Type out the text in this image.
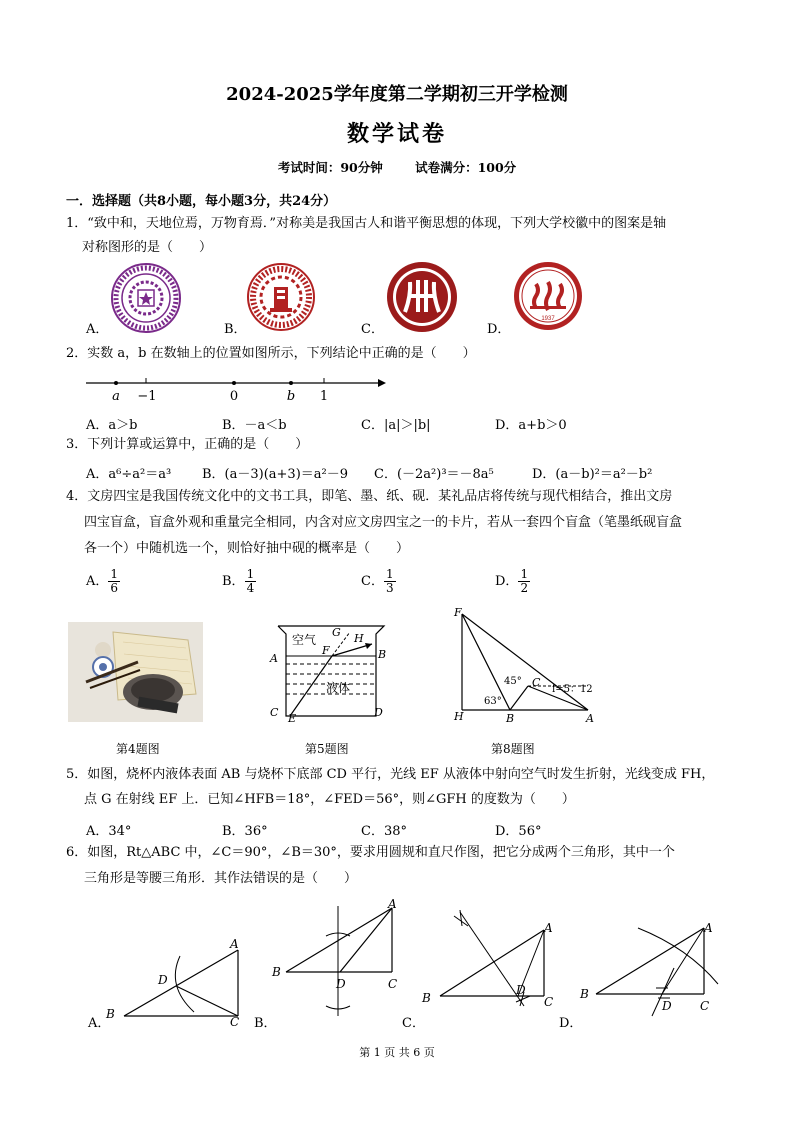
2024-2025学年度第二学期初三开学检测
数学试卷
考试时间：90分钟	试卷满分：100分
一．选择题（共8小题，每小题3分，共24分）
1．“致中和，天地位焉，万物育焉．”对称美是我国古人和谐平衡思想的体现，下列大学校徽中的图案是轴
对称图形的是（　　）
1937
A．	B．	C．	D．
2．实数 a，b 在数轴上的位置如图所示，下列结论中正确的是（　　）
a −1	0	b 1
A．a＞b	B．－a＜b	C．|a|＞|b|	D．a+b＞0
3．下列计算或运算中，正确的是（　　）
A．a⁶÷a²＝a³ B．(a－3)(a+3)＝a²－9 C．(－2a²)³＝－8a⁵	D．(a－b)²＝a²－b²
4．文房四宝是我国传统文化中的文书工具，即笔、墨、纸、砚．某礼品店将传统与现代相结合，推出文房
四宝盲盒，盲盒外观和重量完全相同，内含对应文房四宝之一的卡片，若从一套四个盲盒（笔墨纸砚盲盒
各一个）中随机选一个，则恰好抽中砚的概率是（　　）
A． $\frac{1}{6}$	B． $\frac{1}{4}$	C． $\frac{1}{3}$	D． $\frac{1}{2}$
空气
液体
A	B
C	D
E
F
G H
F
H	B	A
C
45°
63°
i=5：12
第4题图	第5题图	第8题图
5．如图，烧杯内液体表面 AB 与烧杯下底部 CD 平行，光线 EF 从液体中射向空气时发生折射，光线变成 FH，
点 G 在射线 EF 上．已知∠HFB＝18°，∠FED＝56°，则∠GFH 的度数为（　　）
A．34°	B．36°	C．38°	D．56°
6．如图，Rt△ABC 中，∠C＝90°，∠B＝30°，要求用圆规和直尺作图，把它分成两个三角形，其中一个
三角形是等腰三角形．其作法错误的是（　　）
A
B
C
D
A
B
C
D
A
B	C
D
A
B
C
D
A．	B．	C．	D．
第 1 页 共 6 页
